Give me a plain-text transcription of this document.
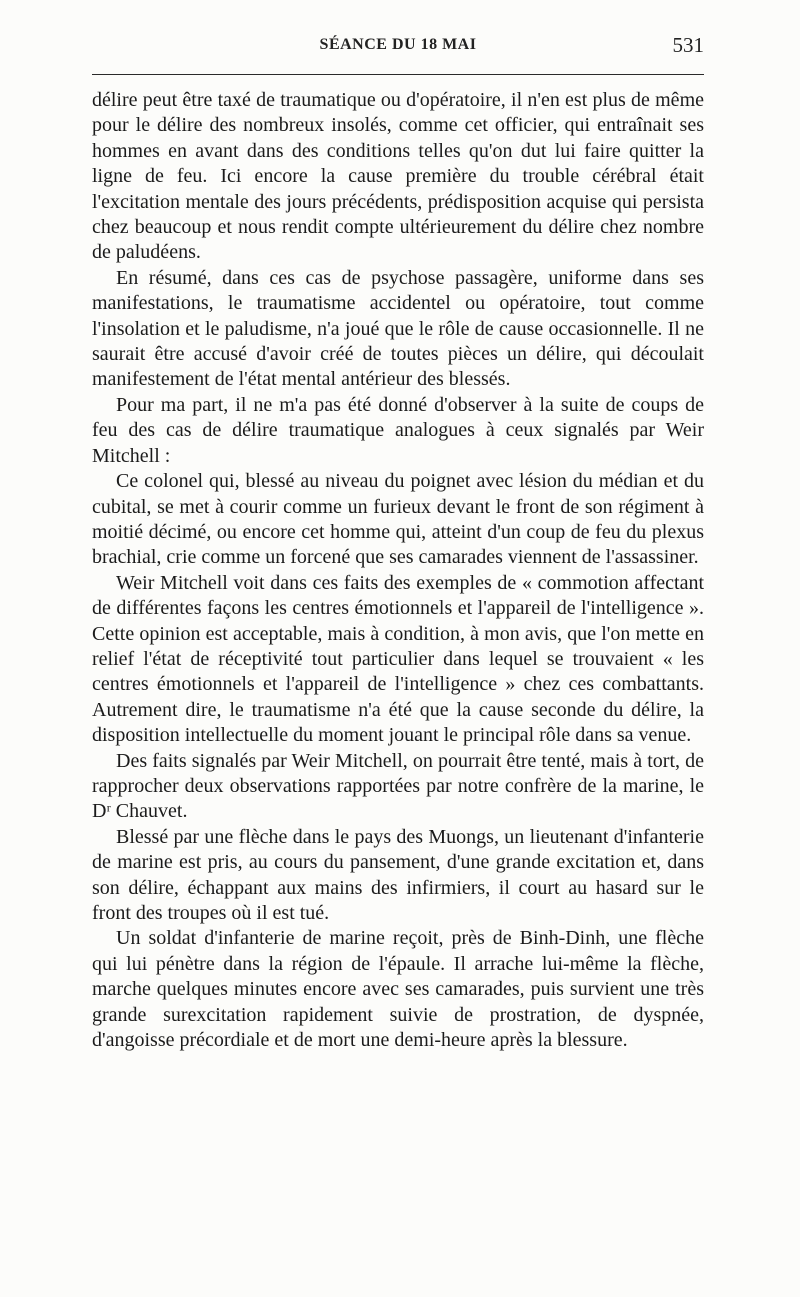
SÉANCE DU 18 MAI	531

délire peut être taxé de traumatique ou d'opératoire, il n'en est plus de même pour le délire des nombreux insolés, comme cet officier, qui entraînait ses hommes en avant dans des conditions telles qu'on dut lui faire quitter la ligne de feu. Ici encore la cause première du trouble cérébral était l'excitation mentale des jours précédents, prédisposition acquise qui persista chez beaucoup et nous rendit compte ultérieurement du délire chez nombre de paludéens.

En résumé, dans ces cas de psychose passagère, uniforme dans ses manifestations, le traumatisme accidentel ou opératoire, tout comme l'insolation et le paludisme, n'a joué que le rôle de cause occasionnelle. Il ne saurait être accusé d'avoir créé de toutes pièces un délire, qui découlait manifestement de l'état mental antérieur des blessés.

Pour ma part, il ne m'a pas été donné d'observer à la suite de coups de feu des cas de délire traumatique analogues à ceux signalés par Weir Mitchell :

Ce colonel qui, blessé au niveau du poignet avec lésion du médian et du cubital, se met à courir comme un furieux devant le front de son régiment à moitié décimé, ou encore cet homme qui, atteint d'un coup de feu du plexus brachial, crie comme un forcené que ses camarades viennent de l'assassiner.

Weir Mitchell voit dans ces faits des exemples de « commotion affectant de différentes façons les centres émotionnels et l'appareil de l'intelligence ». Cette opinion est acceptable, mais à condition, à mon avis, que l'on mette en relief l'état de réceptivité tout particulier dans lequel se trouvaient « les centres émotionnels et l'appareil de l'intelligence » chez ces combattants. Autrement dire, le traumatisme n'a été que la cause seconde du délire, la disposition intellectuelle du moment jouant le principal rôle dans sa venue.

Des faits signalés par Weir Mitchell, on pourrait être tenté, mais à tort, de rapprocher deux observations rapportées par notre confrère de la marine, le Dʳ Chauvet.

Blessé par une flèche dans le pays des Muongs, un lieutenant d'infanterie de marine est pris, au cours du pansement, d'une grande excitation et, dans son délire, échappant aux mains des infirmiers, il court au hasard sur le front des troupes où il est tué.

Un soldat d'infanterie de marine reçoit, près de Binh-Dinh, une flèche qui lui pénètre dans la région de l'épaule. Il arrache lui-même la flèche, marche quelques minutes encore avec ses camarades, puis survient une très grande surexcitation rapidement suivie de prostration, de dyspnée, d'angoisse précordiale et de mort une demi-heure après la blessure.
